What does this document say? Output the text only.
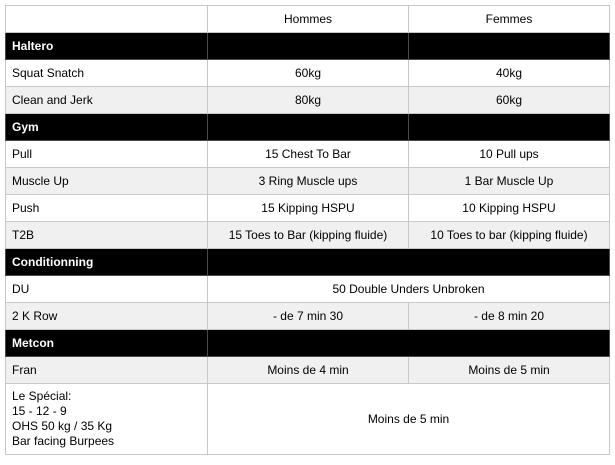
	Hommes	Femmes
Haltero		
Squat Snatch	60kg	40kg
Clean and Jerk	80kg	60kg
Gym		
Pull	15 Chest To Bar	10 Pull ups
Muscle Up	3 Ring Muscle ups	1 Bar Muscle Up
Push	15 Kipping HSPU	10 Kipping HSPU
T2B	15 Toes to Bar (kipping fluide)	10 Toes to bar (kipping fluide)
Conditionning		
DU	50 Double Unders Unbroken	
2 K Row	- de 7 min 30	- de 8 min 20
Metcon		
Fran	Moins de 4 min	Moins de 5 min

Le Spécial:
15 - 12 - 9
OHS 50 kg / 35 Kg
Bar facing Burpees	Moins de 5 min	
